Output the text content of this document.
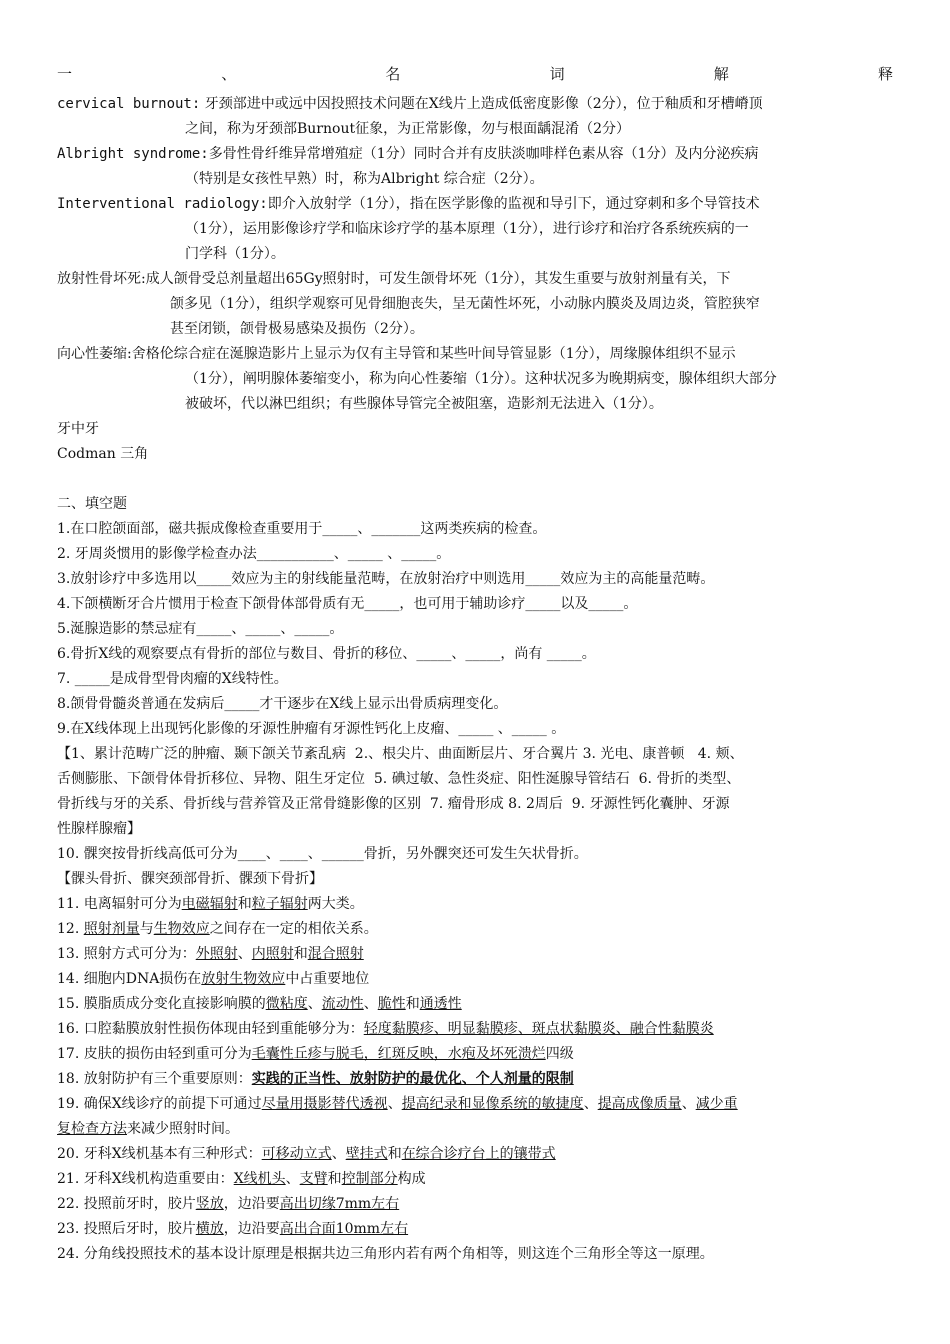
一	、	名	词	解	释

cervical burnout: 牙颈部进中或远中因投照技术问题在X线片上造成低密度影像（2分），位于釉质和牙槽嵴顶

之间，称为牙颈部Burnout征象，为正常影像，勿与根面龋混淆（2分）

Albright syndrome:多骨性骨纤维异常增殖症（1分）同时合并有皮肤淡咖啡样色素从容（1分）及内分泌疾病

（特别是女孩性早熟）时，称为Albright 综合症（2分）。

Interventional radiology:即介入放射学（1分），指在医学影像的监视和导引下，通过穿刺和多个导管技术

（1分），运用影像诊疗学和临床诊疗学的基本原理（1分），进行诊疗和治疗各系统疾病的一

门学科（1分）。

放射性骨坏死:成人颌骨受总剂量超出65Gy照射时，可发生颌骨坏死（1分），其发生重要与放射剂量有关，下

颌多见（1分），组织学观察可见骨细胞丧失，呈无菌性坏死，小动脉内膜炎及周边炎，管腔狭窄

甚至闭锁，颌骨极易感染及损伤（2分）。

向心性萎缩:舍格伦综合症在涎腺造影片上显示为仅有主导管和某些叶间导管显影（1分），周缘腺体组织不显示

（1分），阐明腺体萎缩变小，称为向心性萎缩（1分）。这种状况多为晚期病变，腺体组织大部分

被破坏，代以淋巴组织；有些腺体导管完全被阻塞，造影剂无法进入（1分）。

牙中牙

Codman 三角

二、填空题

1.在口腔颌面部，磁共振成像检查重要用于_____、_______这两类疾病的检查。

2. 牙周炎惯用的影像学检查办法___________、_____ 、_____。

3.放射诊疗中多选用以_____效应为主的射线能量范畴，在放射治疗中则选用_____效应为主的高能量范畴。

4.下颌横断牙合片惯用于检查下颌骨体部骨质有无_____，也可用于辅助诊疗_____以及_____。

5.涎腺造影的禁忌症有_____、_____、_____。

6.骨折X线的观察要点有骨折的部位与数目、骨折的移位、_____、_____，尚有 _____。

7. _____是成骨型骨肉瘤的X线特性。

8.颌骨骨髓炎普通在发病后_____才干逐步在X线上显示出骨质病理变化。

9.在X线体现上出现钙化影像的牙源性肿瘤有牙源性钙化上皮瘤、_____ 、_____ 。

【1、累计范畴广泛的肿瘤、颞下颌关节紊乱病  2.、根尖片、曲面断层片、牙合翼片 3. 光电、康普顿   4. 颊、

舌侧膨胀、下颌骨体骨折移位、异物、阻生牙定位  5. 碘过敏、急性炎症、阳性涎腺导管结石  6. 骨折的类型、

骨折线与牙的关系、骨折线与营养管及正常骨缝影像的区别  7. 瘤骨形成 8. 2周后  9. 牙源性钙化囊肿、牙源

性腺样腺瘤】

10. 髁突按骨折线高低可分为____、____、______骨折，另外髁突还可发生矢状骨折。

【髁头骨折、髁突颈部骨折、髁颈下骨折】

11. 电离辐射可分为电磁辐射和粒子辐射两大类。

12. 照射剂量与生物效应之间存在一定的相依关系。

13. 照射方式可分为：外照射、内照射和混合照射

14. 细胞内DNA损伤在放射生物效应中占重要地位

15. 膜脂质成分变化直接影响膜的微粘度、流动性、脆性和通透性

16. 口腔黏膜放射性损伤体现由轻到重能够分为：轻度黏膜疹、明显黏膜疹、斑点状黏膜炎、融合性黏膜炎

17. 皮肤的损伤由轻到重可分为毛囊性丘疹与脱毛，红斑反映，水疱及坏死溃烂四级

18. 放射防护有三个重要原则：实践的正当性、放射防护的最优化、个人剂量的限制

19. 确保X线诊疗的前提下可通过尽量用摄影替代透视、提高纪录和显像系统的敏捷度、提高成像质量、减少重

复检查方法来减少照射时间。

20. 牙科X线机基本有三种形式：可移动立式、壁挂式和在综合诊疗台上的镶带式

21. 牙科X线机构造重要由：X线机头、支臂和控制部分构成

22. 投照前牙时，胶片竖放，边沿要高出切缘7mm左右

23. 投照后牙时，胶片横放，边沿要高出合面10mm左右

24. 分角线投照技术的基本设计原理是根据共边三角形内若有两个角相等，则这连个三角形全等这一原理。
